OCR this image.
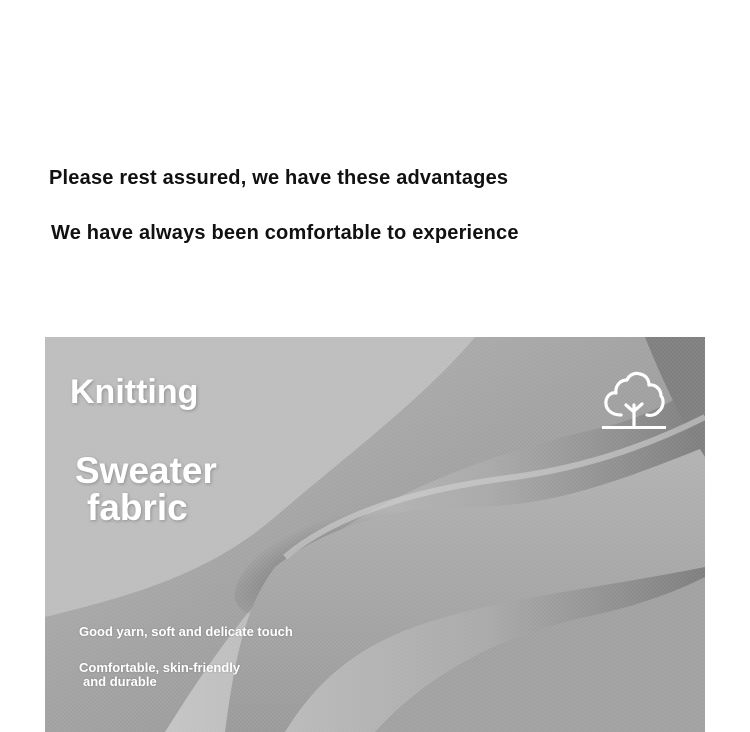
Please rest assured, we have these advantages

We have always been comfortable to experience

Knitting
Sweater
fabric

Good yarn, soft and delicate touch

Comfortable, skin-friendly

and durable
